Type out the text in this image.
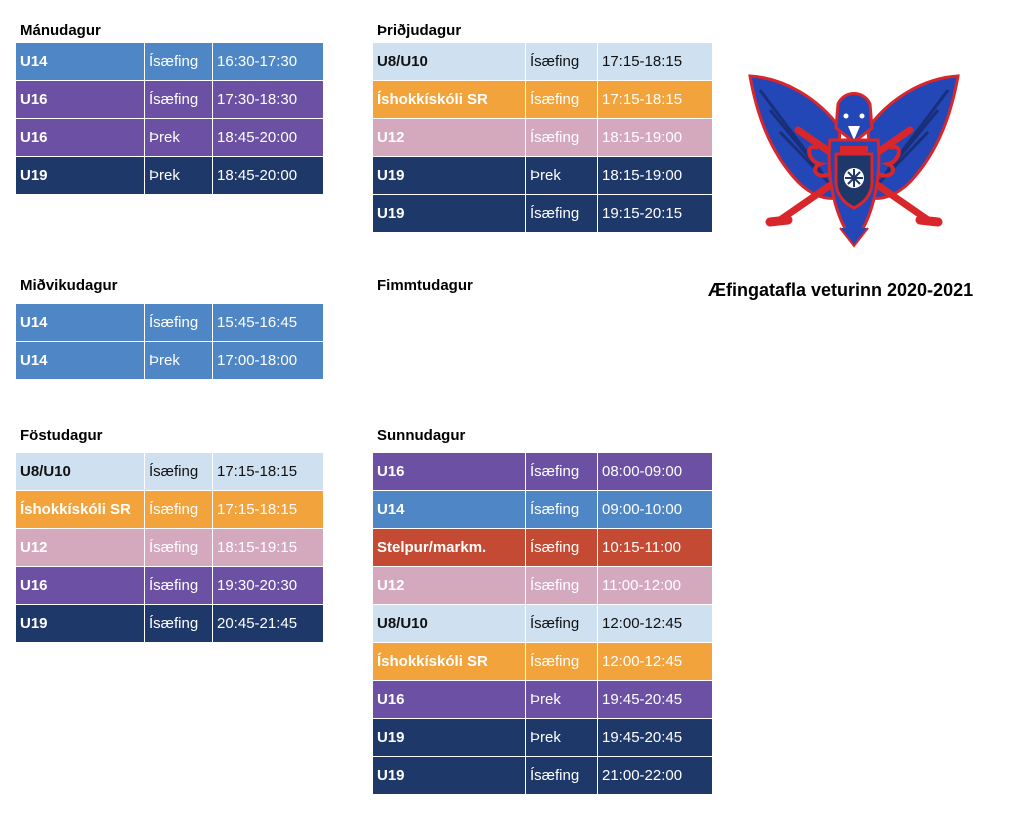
Mánudagur	Þriðjudagur
Miðvikudagur	Fimmtudagur
Föstudagur	Sunnudagur
U14	Ísæfing	16:30-17:30
U16	Ísæfing	17:30-18:30
U16	Þrek	18:45-20:00
U19	Þrek	18:45-20:00
U8/U10	Ísæfing	17:15-18:15
Íshokkískóli SR	Ísæfing	17:15-18:15
U12	Ísæfing	18:15-19:00
U19	Þrek	18:15-19:00
U19	Ísæfing	19:15-20:15
U14	Ísæfing	15:45-16:45
U14	Þrek	17:00-18:00
U8/U10	Ísæfing	17:15-18:15
Íshokkískóli SR	Ísæfing	17:15-18:15
U12	Ísæfing	18:15-19:15
U16	Ísæfing	19:30-20:30
U19	Ísæfing	20:45-21:45
U16	Ísæfing	08:00-09:00
U14	Ísæfing	09:00-10:00
Stelpur/markm.	Ísæfing	10:15-11:00
U12	Ísæfing	11:00-12:00
U8/U10	Ísæfing	12:00-12:45
Íshokkískóli SR	Ísæfing	12:00-12:45
U16	Þrek	19:45-20:45
U19	Þrek	19:45-20:45
U19	Ísæfing	21:00-22:00
Æfingatafla veturinn 2020-2021
